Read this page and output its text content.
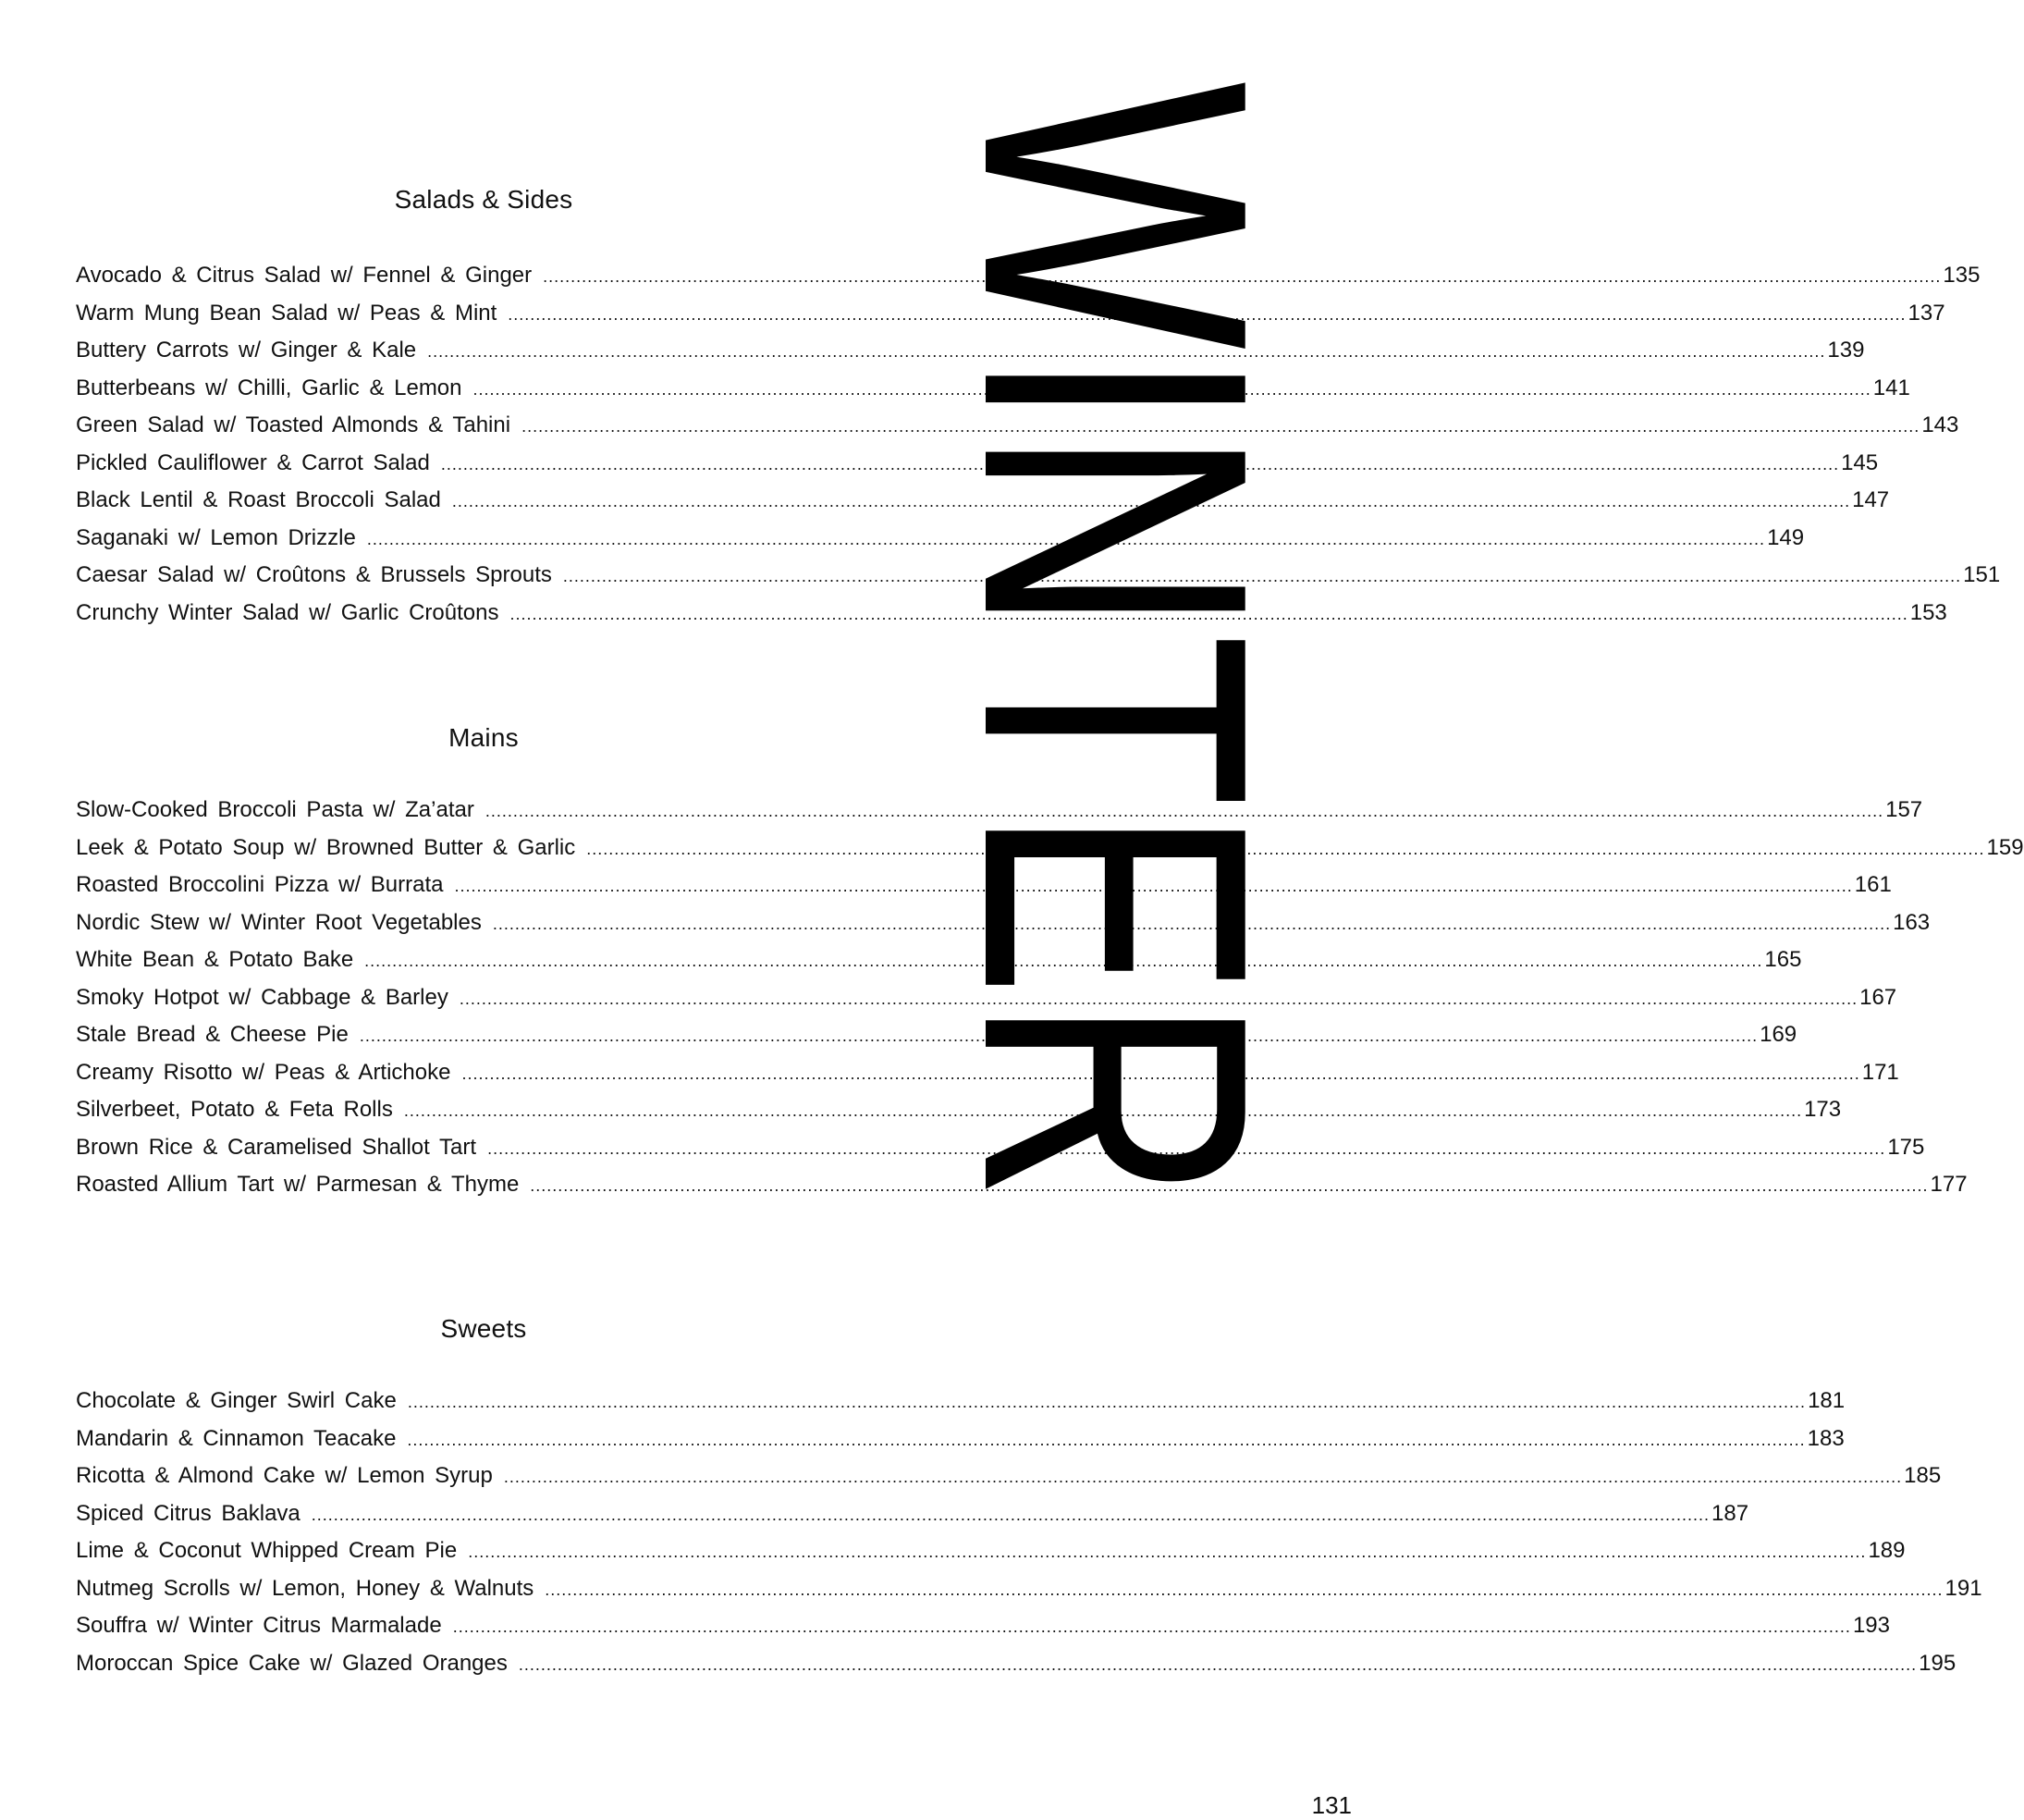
Salads & Sides
Avocado & Citrus Salad w/ Fennel & Ginger .....	135
Warm Mung Bean Salad w/ Peas & Mint .....	137
Buttery Carrots w/ Ginger & Kale .....	139
Butterbeans w/ Chilli, Garlic & Lemon .....	141
Green Salad w/ Toasted Almonds & Tahini .....	143
Pickled Cauliflower & Carrot Salad .....	145
Black Lentil & Roast Broccoli Salad .....	147
Saganaki w/ Lemon Drizzle .....	149
Caesar Salad w/ Croûtons & Brussels Sprouts .....	151
Crunchy Winter Salad w/ Garlic Croûtons .....	153
Mains
Slow-Cooked Broccoli Pasta w/ Za’atar .....	157
Leek & Potato Soup w/ Browned Butter & Garlic .....	159
Roasted Broccolini Pizza w/ Burrata .....	161
Nordic Stew w/ Winter Root Vegetables .....	163
White Bean & Potato Bake .....	165
Smoky Hotpot w/ Cabbage & Barley .....	167
Stale Bread & Cheese Pie .....	169
Creamy Risotto w/ Peas & Artichoke .....	171
Silverbeet, Potato & Feta Rolls .....	173
Brown Rice & Caramelised Shallot Tart .....	175
Roasted Allium Tart w/ Parmesan & Thyme .....	177
Sweets
Chocolate & Ginger Swirl Cake .....	181
Mandarin & Cinnamon Teacake .....	183
Ricotta & Almond Cake w/ Lemon Syrup .....	185
Spiced Citrus Baklava .....	187
Lime & Coconut Whipped Cream Pie .....	189
Nutmeg Scrolls w/ Lemon, Honey & Walnuts .....	191
Souffra w/ Winter Citrus Marmalade .....	193
Moroccan Spice Cake w/ Glazed Oranges .....	195
WINTER
131
